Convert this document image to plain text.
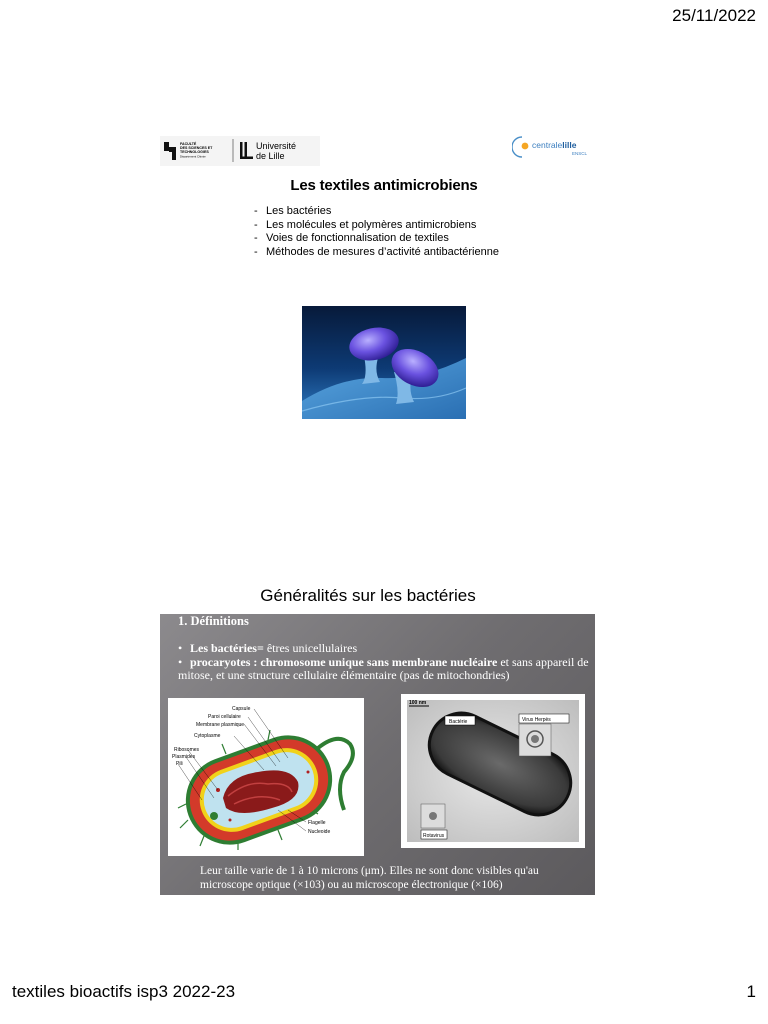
25/11/2022
FACULTÉ
DES SCIENCES ET
TECHNOLOGIES
Département Chimie
Université
de Lille
centralelille
ENSCL
Les textiles antimicrobiens
- Les bactéries
- Les molécules et polymères antimicrobiens
- Voies de fonctionnalisation de textiles
- Méthodes de mesures d’activité antibactérienne
Généralités sur les bactéries
1. Définitions
• Les bactéries= êtres unicellulaires
• procaryotes : chromosome unique sans membrane nucléaire et sans appareil de mitose, et une structure cellulaire élémentaire (pas de mitochondries)
Capsule
Paroi cellulaire
Membrane plasmique
Cytoplasme
Ribosomes
Plasmides
Pili
Flagelle
Nucleoide
100 nm
Bactérie	Virus Herpès
Rotavirus
Leur taille varie de 1 à 10 microns (μm). Elles ne sont donc visibles qu'au microscope optique (×103) ou au microscope électronique (×106)
textiles bioactifs isp3 2022-23	1
